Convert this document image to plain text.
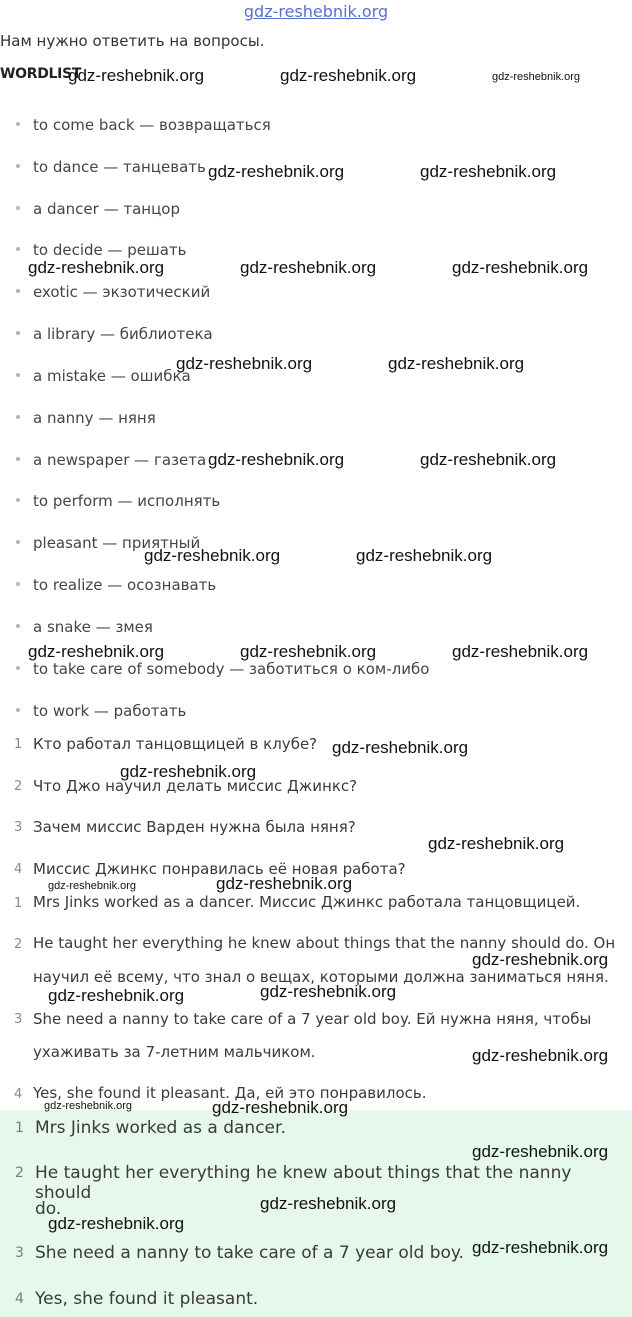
gdz-reshebnik.org
Нам нужно ответить на вопросы.
WORDLIST
to come back — возвращаться
to dance — танцевать
a dancer — танцор
to decide — решать
exotic — экзотический
a library — библиотека
a mistake — ошибка
a nanny — няня
a newspaper — газета
to perform — исполнять
pleasant — приятный
to realize — осознавать
a snake — змея
to take care of somebody — заботиться о ком-либо
to work — работать
1 Кто работал танцовщицей в клубе?
2 Что Джо научил делать миссис Джинкс?
3 Зачем миссис Варден нужна была няня?
4 Миссис Джинкс понравилась её новая работа?
1 Mrs Jinks worked as a dancer. Миссис Джинкс работала танцовщицей.
2 He taught her everything he knew about things that the nanny should do. Он
научил её всему, что знал о вещах, которыми должна заниматься няня.
3 She need a nanny to take care of a 7 year old boy. Ей нужна няня, чтобы
ухаживать за 7-летним мальчиком.
4 Yes, she found it pleasant. Да, ей это понравилось.
1 Mrs Jinks worked as a dancer.
2 He taught her everything he knew about things that the nanny should
do.
3 She need a nanny to take care of a 7 year old boy.
4 Yes, she found it pleasant.
gdz-reshebnik.org	gdz-reshebnik.org	gdz-reshebnik.org
gdz-reshebnik.org	gdz-reshebnik.org
gdz-reshebnik.org	gdz-reshebnik.org	gdz-reshebnik.org
gdz-reshebnik.org	gdz-reshebnik.org
gdz-reshebnik.org	gdz-reshebnik.org
gdz-reshebnik.org	gdz-reshebnik.org
gdz-reshebnik.org	gdz-reshebnik.org	gdz-reshebnik.org
gdz-reshebnik.org
gdz-reshebnik.org
gdz-reshebnik.org
gdz-reshebnik.org	gdz-reshebnik.org
gdz-reshebnik.org
gdz-reshebnik.org
gdz-reshebnik.org
gdz-reshebnik.org
gdz-reshebnik.org	gdz-reshebnik.org
gdz-reshebnik.org
gdz-reshebnik.org
gdz-reshebnik.org
gdz-reshebnik.org
